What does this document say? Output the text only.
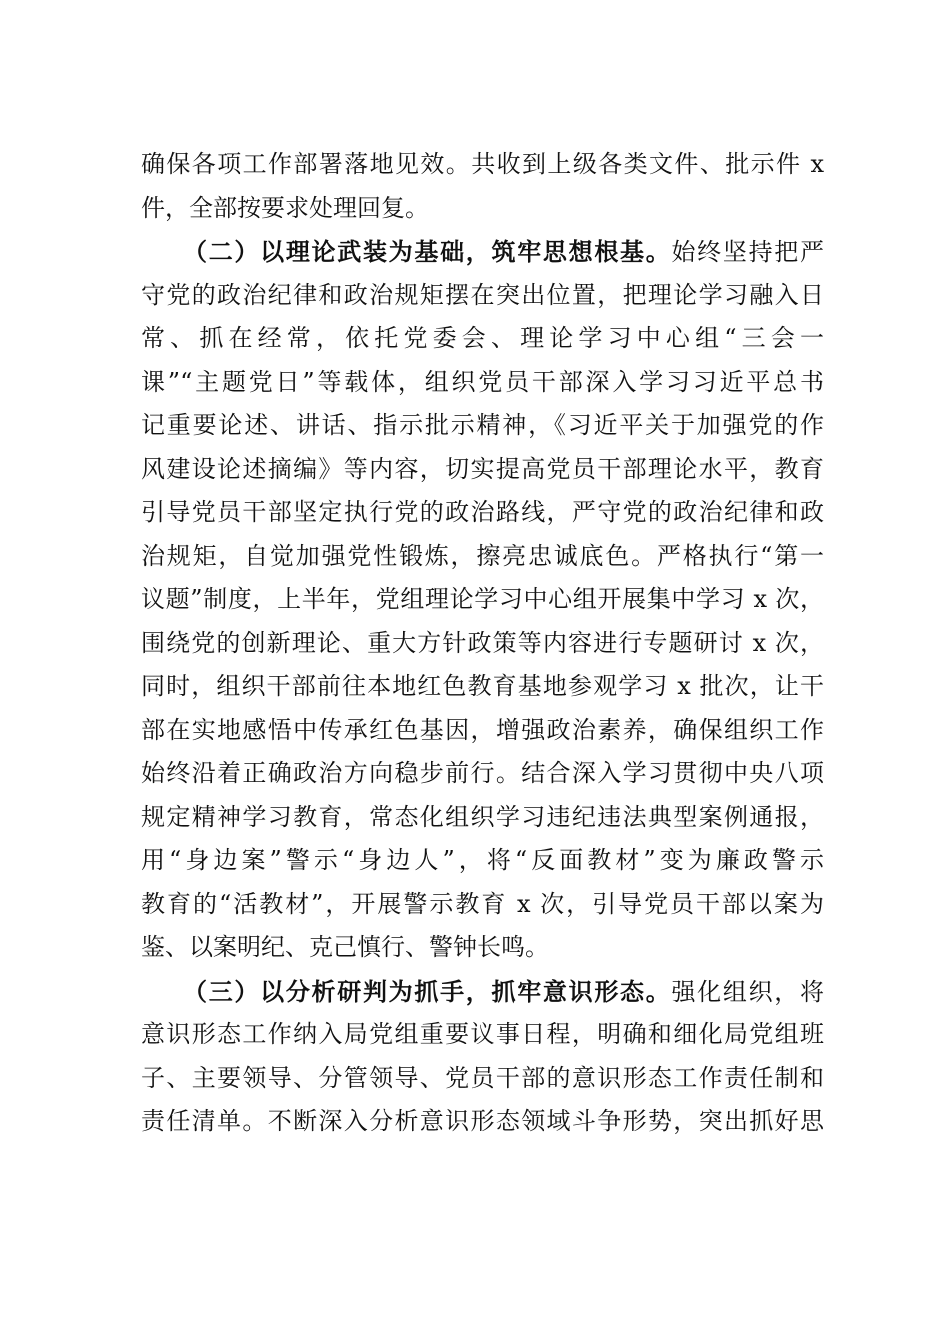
确保各项工作部署落地见效。共收到上级各类文件、批示件 x
件，全部按要求处理回复。
（二）以理论武装为基础，筑牢思想根基。始终坚持把严
守党的政治纪律和政治规矩摆在突出位置，把理论学习融入日
常、抓在经常，依托党委会、理论学习中心组“三会一
课”“主题党日”等载体，组织党员干部深入学习习近平总书
记重要论述、讲话、指示批示精神，《习近平关于加强党的作
风建设论述摘编》等内容，切实提高党员干部理论水平，教育
引导党员干部坚定执行党的政治路线，严守党的政治纪律和政
治规矩，自觉加强党性锻炼，擦亮忠诚底色。严格执行“第一
议题”制度，上半年，党组理论学习中心组开展集中学习 x 次，
围绕党的创新理论、重大方针政策等内容进行专题研讨 x 次，
同时，组织干部前往本地红色教育基地参观学习 x 批次，让干
部在实地感悟中传承红色基因，增强政治素养，确保组织工作
始终沿着正确政治方向稳步前行。结合深入学习贯彻中央八项
规定精神学习教育，常态化组织学习违纪违法典型案例通报，
用“身边案”警示“身边人”，将“反面教材”变为廉政警示
教育的“活教材”，开展警示教育 x 次，引导党员干部以案为
鉴、以案明纪、克己慎行、警钟长鸣。
（三）以分析研判为抓手，抓牢意识形态。强化组织，将
意识形态工作纳入局党组重要议事日程，明确和细化局党组班
子、主要领导、分管领导、党员干部的意识形态工作责任制和
责任清单。不断深入分析意识形态领域斗争形势，突出抓好思
